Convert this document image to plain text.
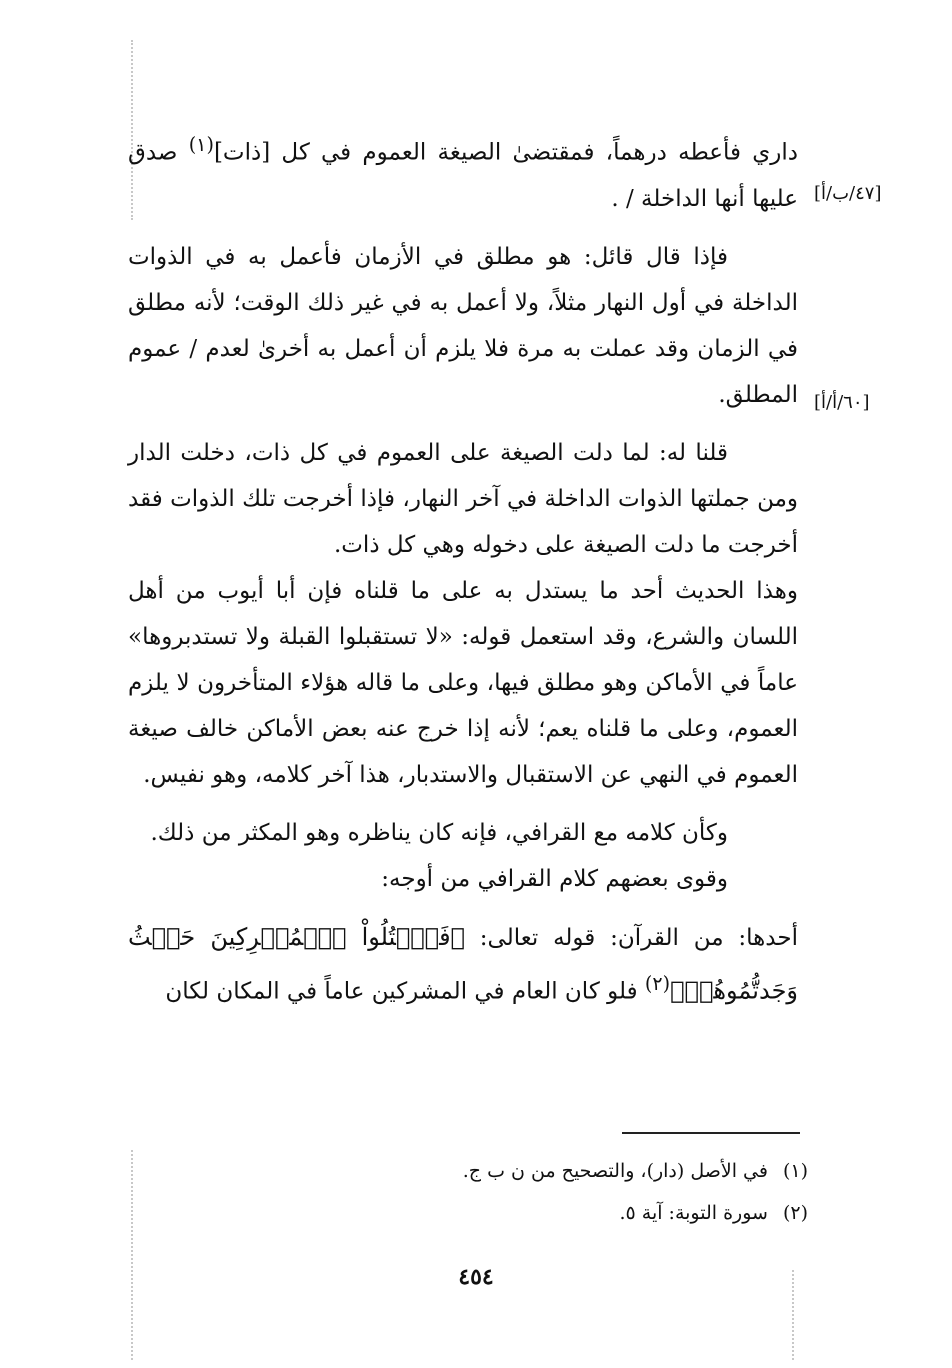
[٤٧/ب/أ]
[٦٠/أ/أ]

داري فأعطه درهماً، فمقتضىٰ الصيغة العموم في كل [ذات]$^{(١)}$ صدق عليها أنها الداخلة / .

فإذا قال قائل: هو مطلق في الأزمان فأعمل به في الذوات الداخلة في أول النهار مثلاً، ولا أعمل به في غير ذلك الوقت؛ لأنه مطلق في الزمان وقد عملت به مرة فلا يلزم أن أعمل به أخرىٰ لعدم / عموم المطلق.

قلنا له: لما دلت الصيغة على العموم في كل ذات، دخلت الدار ومن جملتها الذوات الداخلة في آخر النهار، فإذا أخرجت تلك الذوات فقد أخرجت ما دلت الصيغة على دخوله وهي كل ذات.

وهذا الحديث أحد ما يستدل به على ما قلناه فإن أبا أيوب من أهل اللسان والشرع، وقد استعمل قوله: «لا تستقبلوا القبلة ولا تستدبروها» عاماً في الأماكن وهو مطلق فيها، وعلى ما قاله هؤلاء المتأخرون لا يلزم العموم، وعلى ما قلناه يعم؛ لأنه إذا خرج عنه بعض الأماكن خالف صيغة العموم في النهي عن الاستقبال والاستدبار، هذا آخر كلامه، وهو نفيس.

وكأن كلامه مع القرافي، فإنه كان يناظره وهو المكثر من ذلك.

وقوى بعضهم كلام القرافي من أوجه:

أحدها: من القرآن: قوله تعالى: ﴿فَٱقۡتُلُواْ ٱلۡمُشۡرِكِينَ حَيۡثُ وَجَدتُّمُوهُمۡ﴾$^{(٢)}$ فلو كان العام في المشركين عاماً في المكان لكان

(١) في الأصل (دار)، والتصحيح من ن ب ج.

(٢) سورة التوبة: آية ٥.

٤٥٤
